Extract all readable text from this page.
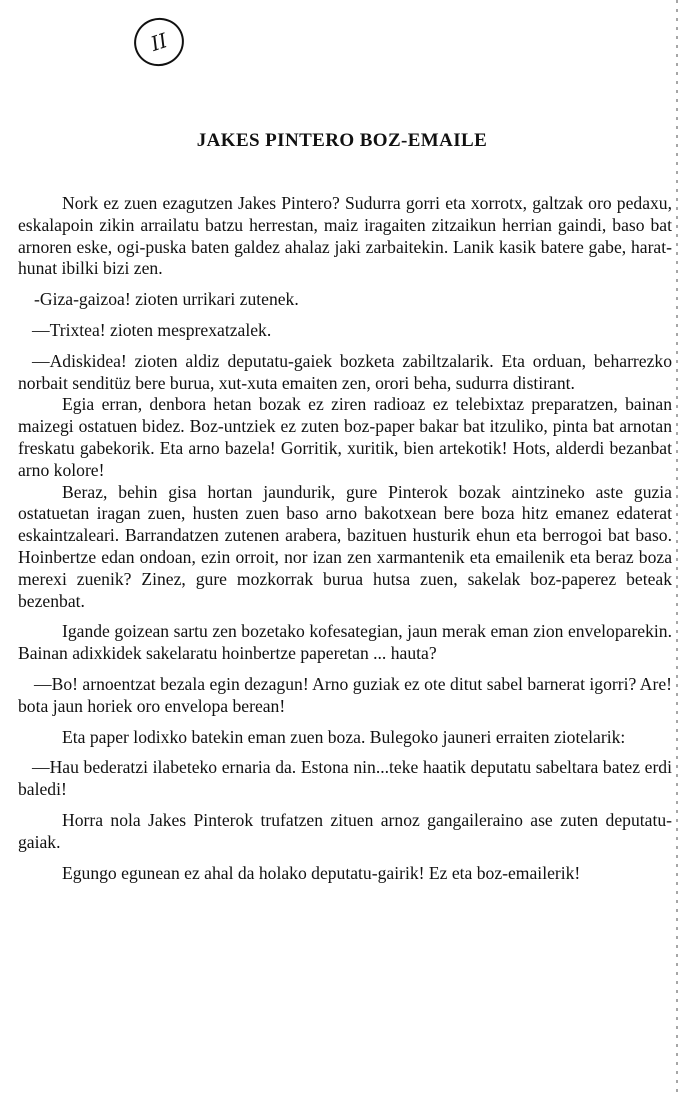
II
JAKES PINTERO BOZ-EMAILE

Nork ez zuen ezagutzen Jakes Pintero? Sudurra gorri eta xorrotx, galtzak oro pedaxu, eskalapoin zikin arrailatu batzu herrestan, maiz iragaiten zitzaikun herrian gaindi, baso bat arnoren eske, ogi-puska baten galdez ahalaz jaki zarbaitekin. Lanik kasik batere gabe, harat-hunat ibilki bizi zen.

-Giza-gaizoa! zioten urrikari zutenek.

—Trixtea! zioten mesprexatzalek.

—Adiskidea! zioten aldiz deputatu-gaiek bozketa zabiltzalarik. Eta orduan, beharrezko norbait senditüz bere burua, xut-xuta emaiten zen, orori beha, sudurra distirant.

Egia erran, denbora hetan bozak ez ziren radioaz ez telebixtaz preparatzen, bainan maizegi ostatuen bidez. Boz-untziek ez zuten boz-paper bakar bat itzuliko, pinta bat arnotan freskatu gabekorik. Eta arno bazela! Gorritik, xuritik, bien artekotik! Hots, alderdi bezanbat arno kolore!

Beraz, behin gisa hortan jaundurik, gure Pinterok bozak aintzineko aste guzia ostatuetan iragan zuen, husten zuen baso arno bakotxean bere boza hitz emanez edaterat eskaintzaleari. Barrandatzen zutenen arabera, bazituen husturik ehun eta berrogoi bat baso. Hoinbertze edan ondoan, ezin orroit, nor izan zen xarmantenik eta emailenik eta beraz boza merexi zuenik? Zinez, gure mozkorrak burua hutsa zuen, sakelak boz-paperez beteak bezenbat.

Igande goizean sartu zen bozetako kofesategian, jaun merak eman zion enveloparekin. Bainan adixkidek sakelaratu hoinbertze paperetan ... hauta?

—Bo! arnoentzat bezala egin dezagun! Arno guziak ez ote ditut sabel barnerat igorri? Are! bota jaun horiek oro envelopa berean!

Eta paper lodixko batekin eman zuen boza. Bulegoko jauneri erraiten ziotelarik:

—Hau bederatzi ilabeteko ernaria da. Estona nin...teke haatik deputatu sabeltara batez erdi baledi!

Horra nola Jakes Pinterok trufatzen zituen arnoz gangaileraino ase zuten deputatu-gaiak.

Egungo egunean ez ahal da holako deputatu-gairik! Ez eta boz-emailerik!
